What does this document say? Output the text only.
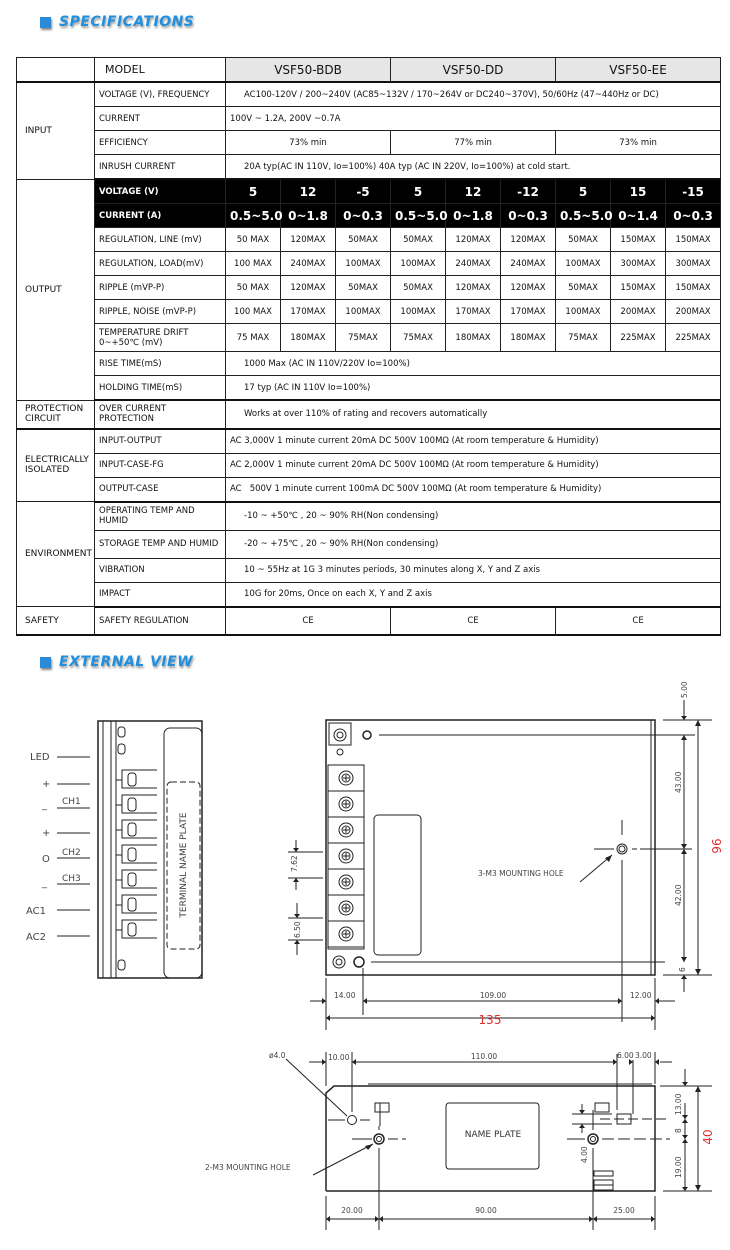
SPECIFICATIONS
	MODEL	VSF50-BDB			VSF50-DD			VSF50-EE		
INPUT	VOLTAGE (V), FREQUENCY	AC100-120V / 200~240V (AC85~132V / 170~264V or DC240~370V), 50/60Hz (47~440Hz or DC)								
	CURRENT	100V ~ 1.2A, 200V ~0.7A								
	EFFICIENCY	73% min			77% min			73% min		
	INRUSH CURRENT	20A typ(AC IN 110V, Io=100%) 40A typ (AC IN 220V, Io=100%) at cold start.								
OUTPUT	VOLTAGE (V)	5	12	-5	5	12	-12	5	15	-15
	CURRENT (A)	0.5~5.0	0~1.8	0~0.3	0.5~5.0	0~1.8	0~0.3	0.5~5.0	0~1.4	0~0.3
	REGULATION, LINE (mV)	50 MAX	120MAX	50MAX	50MAX	120MAX	120MAX	50MAX	150MAX	150MAX
	REGULATION, LOAD(mV)	100 MAX	240MAX	100MAX	100MAX	240MAX	240MAX	100MAX	300MAX	300MAX
	RIPPLE (mVP-P)	50 MAX	120MAX	50MAX	50MAX	120MAX	120MAX	50MAX	150MAX	150MAX
	RIPPLE, NOISE (mVP-P)	100 MAX	170MAX	100MAX	100MAX	170MAX	170MAX	100MAX	200MAX	200MAX
	TEMPERATURE DRIFT 0~+50℃ (mV)	75 MAX	180MAX	75MAX	75MAX	180MAX	180MAX	75MAX	225MAX	225MAX
	RISE TIME(mS)	1000 Max (AC IN 110V/220V Io=100%)								
	HOLDING TIME(mS)	17 typ (AC IN 110V Io=100%)								
PROTECTION CIRCUIT	OVER CURRENT PROTECTION	Works at over 110% of rating and recovers automatically								
ELECTRICALLY ISOLATED	INPUT-OUTPUT	AC 3,000V 1 minute current 20mA DC 500V 100MΩ (At room temperature & Humidity)								
	INPUT-CASE-FG	AC 2,000V 1 minute current 20mA DC 500V 100MΩ (At room temperature & Humidity)								
	OUTPUT-CASE	AC   500V 1 minute current 100mA DC 500V 100MΩ (At room temperature & Humidity)								
ENVIRONMENT	OPERATING TEMP AND HUMID	-10 ~ +50℃ , 20 ~ 90% RH(Non condensing)								
	STORAGE TEMP AND HUMID	-20 ~ +75℃ , 20 ~ 90% RH(Non condensing)								
	VIBRATION	10 ~ 55Hz at 1G 3 minutes periods, 30 minutes along X, Y and Z axis								
	IMPACT	10G for 20ms, Once on each X, Y and Z axis								
SAFETY	SAFETY REGULATION	CE			CE			CE		
EXTERNAL VIEW
TERMINAL NAME PLATE
LED
+
_ CH1
+
O
CH2
_ CH3
AC1
AC2
3-M3 MOUNTING HOLE
7.62
6.50
5.00
43.00
42.00
6
96
14.00	109.00	12.00
135
NAME PLATE
4.00
ø4.0
2-M3 MOUNTING HOLE
10.00	110.00	6.00 3.00
13.00
8
19.00
40
20.00	90.00	25.00
